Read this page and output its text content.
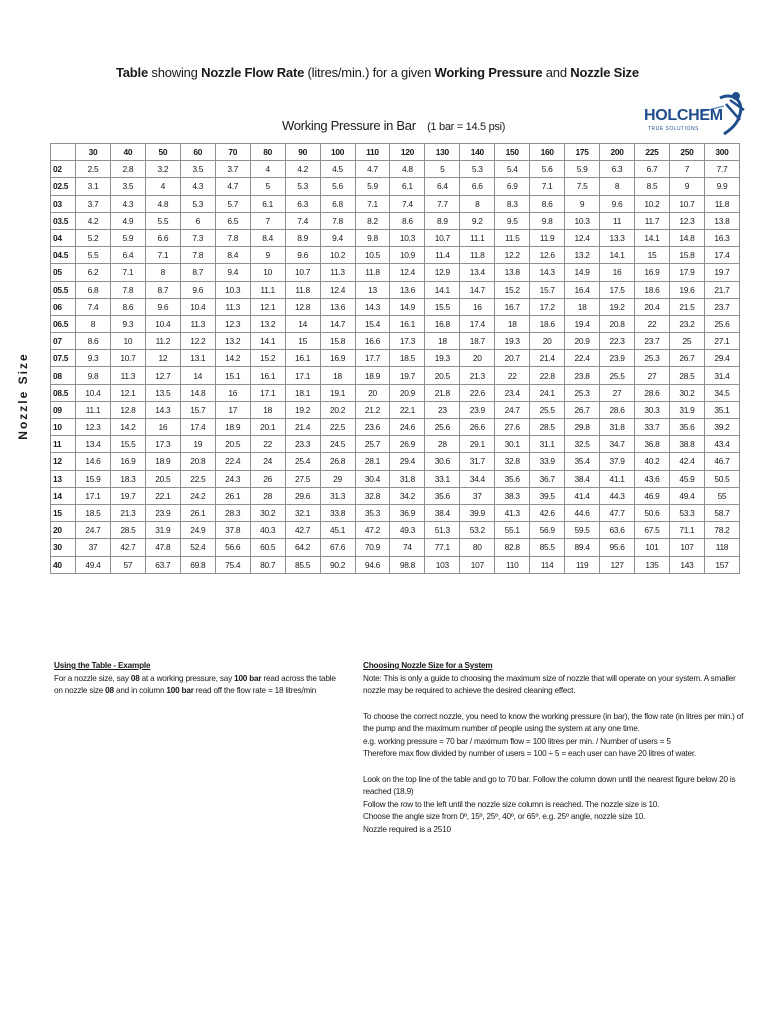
Table showing Nozzle Flow Rate (litres/min.) for a given Working Pressure and Nozzle Size
HOLCHEM
TRUE SOLUTIONS
Working Pressure in Bar (1 bar = 14.5 psi)
Nozzle Size
	30	40	50	60	70	80	90	100	110	120	130	140	150	160	175	200	225	250	300
02	2.5	2.8	3.2	3.5	3.7	4	4.2	4.5	4.7	4.8	5	5.3	5.4	5.6	5.9	6.3	6.7	7	7.7
02.5	3.1	3.5	4	4.3	4.7	5	5.3	5.6	5.9	6.1	6.4	6.6	6.9	7.1	7.5	8	8.5	9	9.9
03	3.7	4.3	4.8	5.3	5.7	6.1	6.3	6.8	7.1	7.4	7.7	8	8.3	8.6	9	9.6	10.2	10.7	11.8
03.5	4.2	4.9	5.5	6	6.5	7	7.4	7.8	8.2	8.6	8.9	9.2	9.5	9.8	10.3	11	11.7	12.3	13.8
04	5.2	5.9	6.6	7.3	7.8	8.4	8.9	9.4	9.8	10.3	10.7	11.1	11.5	11.9	12.4	13.3	14.1	14.8	16.3
04.5	5.5	6.4	7.1	7.8	8.4	9	9.6	10.2	10.5	10.9	11.4	11.8	12.2	12.6	13.2	14.1	15	15.8	17.4
05	6.2	7.1	8	8.7	9.4	10	10.7	11.3	11.8	12.4	12.9	13.4	13.8	14.3	14.9	16	16.9	17.9	19.7
05.5	6.8	7.8	8.7	9.6	10.3	11.1	11.8	12.4	13	13.6	14.1	14.7	15.2	15.7	16.4	17.5	18.6	19.6	21.7
06	7.4	8.6	9.6	10.4	11.3	12.1	12.8	13.6	14.3	14.9	15.5	16	16.7	17.2	18	19.2	20.4	21.5	23.7
06.5	8	9.3	10.4	11.3	12.3	13.2	14	14.7	15.4	16.1	16.8	17.4	18	18.6	19.4	20.8	22	23.2	25.6
07	8.6	10	11.2	12.2	13.2	14.1	15	15.8	16.6	17.3	18	18.7	19.3	20	20.9	22.3	23.7	25	27.1
07.5	9.3	10.7	12	13.1	14.2	15.2	16.1	16.9	17.7	18.5	19.3	20	20.7	21.4	22.4	23.9	25.3	26.7	29.4
08	9.8	11.3	12.7	14	15.1	16.1	17.1	18	18.9	19.7	20.5	21.3	22	22.8	23.8	25.5	27	28.5	31.4
08.5	10.4	12.1	13.5	14.8	16	17.1	18.1	19.1	20	20.9	21.8	22.6	23.4	24.1	25.3	27	28.6	30.2	34.5
09	11.1	12.8	14.3	15.7	17	18	19.2	20.2	21.2	22.1	23	23.9	24.7	25.5	26.7	28.6	30.3	31.9	35.1
10	12.3	14.2	16	17.4	18.9	20.1	21.4	22.5	23.6	24.6	25.6	26.6	27.6	28.5	29.8	31.8	33.7	35.6	39.2
11	13.4	15.5	17.3	19	20.5	22	23.3	24.5	25.7	26.9	28	29.1	30.1	31.1	32.5	34.7	36.8	38.8	43.4
12	14.6	16.9	18.9	20.8	22.4	24	25.4	26.8	28.1	29.4	30.6	31.7	32.8	33.9	35.4	37.9	40.2	42.4	46.7
13	15.9	18.3	20.5	22.5	24.3	26	27.5	29	30.4	31.8	33.1	34.4	35.6	36.7	38.4	41.1	43.6	45.9	50.5
14	17.1	19.7	22.1	24.2	26.1	28	29.6	31.3	32.8	34.2	35.6	37	38.3	39.5	41.4	44.3	46.9	49.4	55
15	18.5	21.3	23.9	26.1	28.3	30.2	32.1	33.8	35.3	36.9	38.4	39.9	41.3	42.6	44.6	47.7	50.6	53.3	58.7
20	24.7	28.5	31.9	24.9	37.8	40.3	42.7	45.1	47.2	49.3	51.3	53.2	55.1	56.9	59.5	63.6	67.5	71.1	78.2
30	37	42.7	47.8	52.4	56.6	60.5	64.2	67.6	70.9	74	77.1	80	82.8	85.5	89.4	95.6	101	107	118
40	49.4	57	63.7	69.8	75.4	80.7	85.5	90.2	94.6	98.8	103	107	110	114	119	127	135	143	157

Using the Table - Example

For a nozzle size, say 08 at a working pressure, say 100 bar read across the table

on nozzle size 08 and in column 100 bar read off the flow rate = 18 litres/min

Choosing Nozzle Size for a System

Note: This is only a guide to choosing the maximum size of nozzle that will operate on your system. A smaller

nozzle may be required to achieve the desired cleaning effect.

To choose the correct nozzle, you need to know the working pressure (in bar), the flow rate (in litres per min.) of

the pump and the maximum number of people using the system at any one time.

e.g. working pressure = 70 bar / maximum flow = 100 litres per min. / Number of users = 5

Therefore max flow divided by number of users = 100 ÷ 5 = each user can have 20 litres of water.

Look on the top line of the table and go to 70 bar. Follow the column down until the nearest figure below 20 is

reached (18.9)

Follow the row to the left until the nozzle size column is reached. The nozzle size is 10.

Choose the angle size from 0º, 15º, 25º, 40º, or 65º. e.g. 25º angle, nozzle size 10.

Nozzle required is a 2510
